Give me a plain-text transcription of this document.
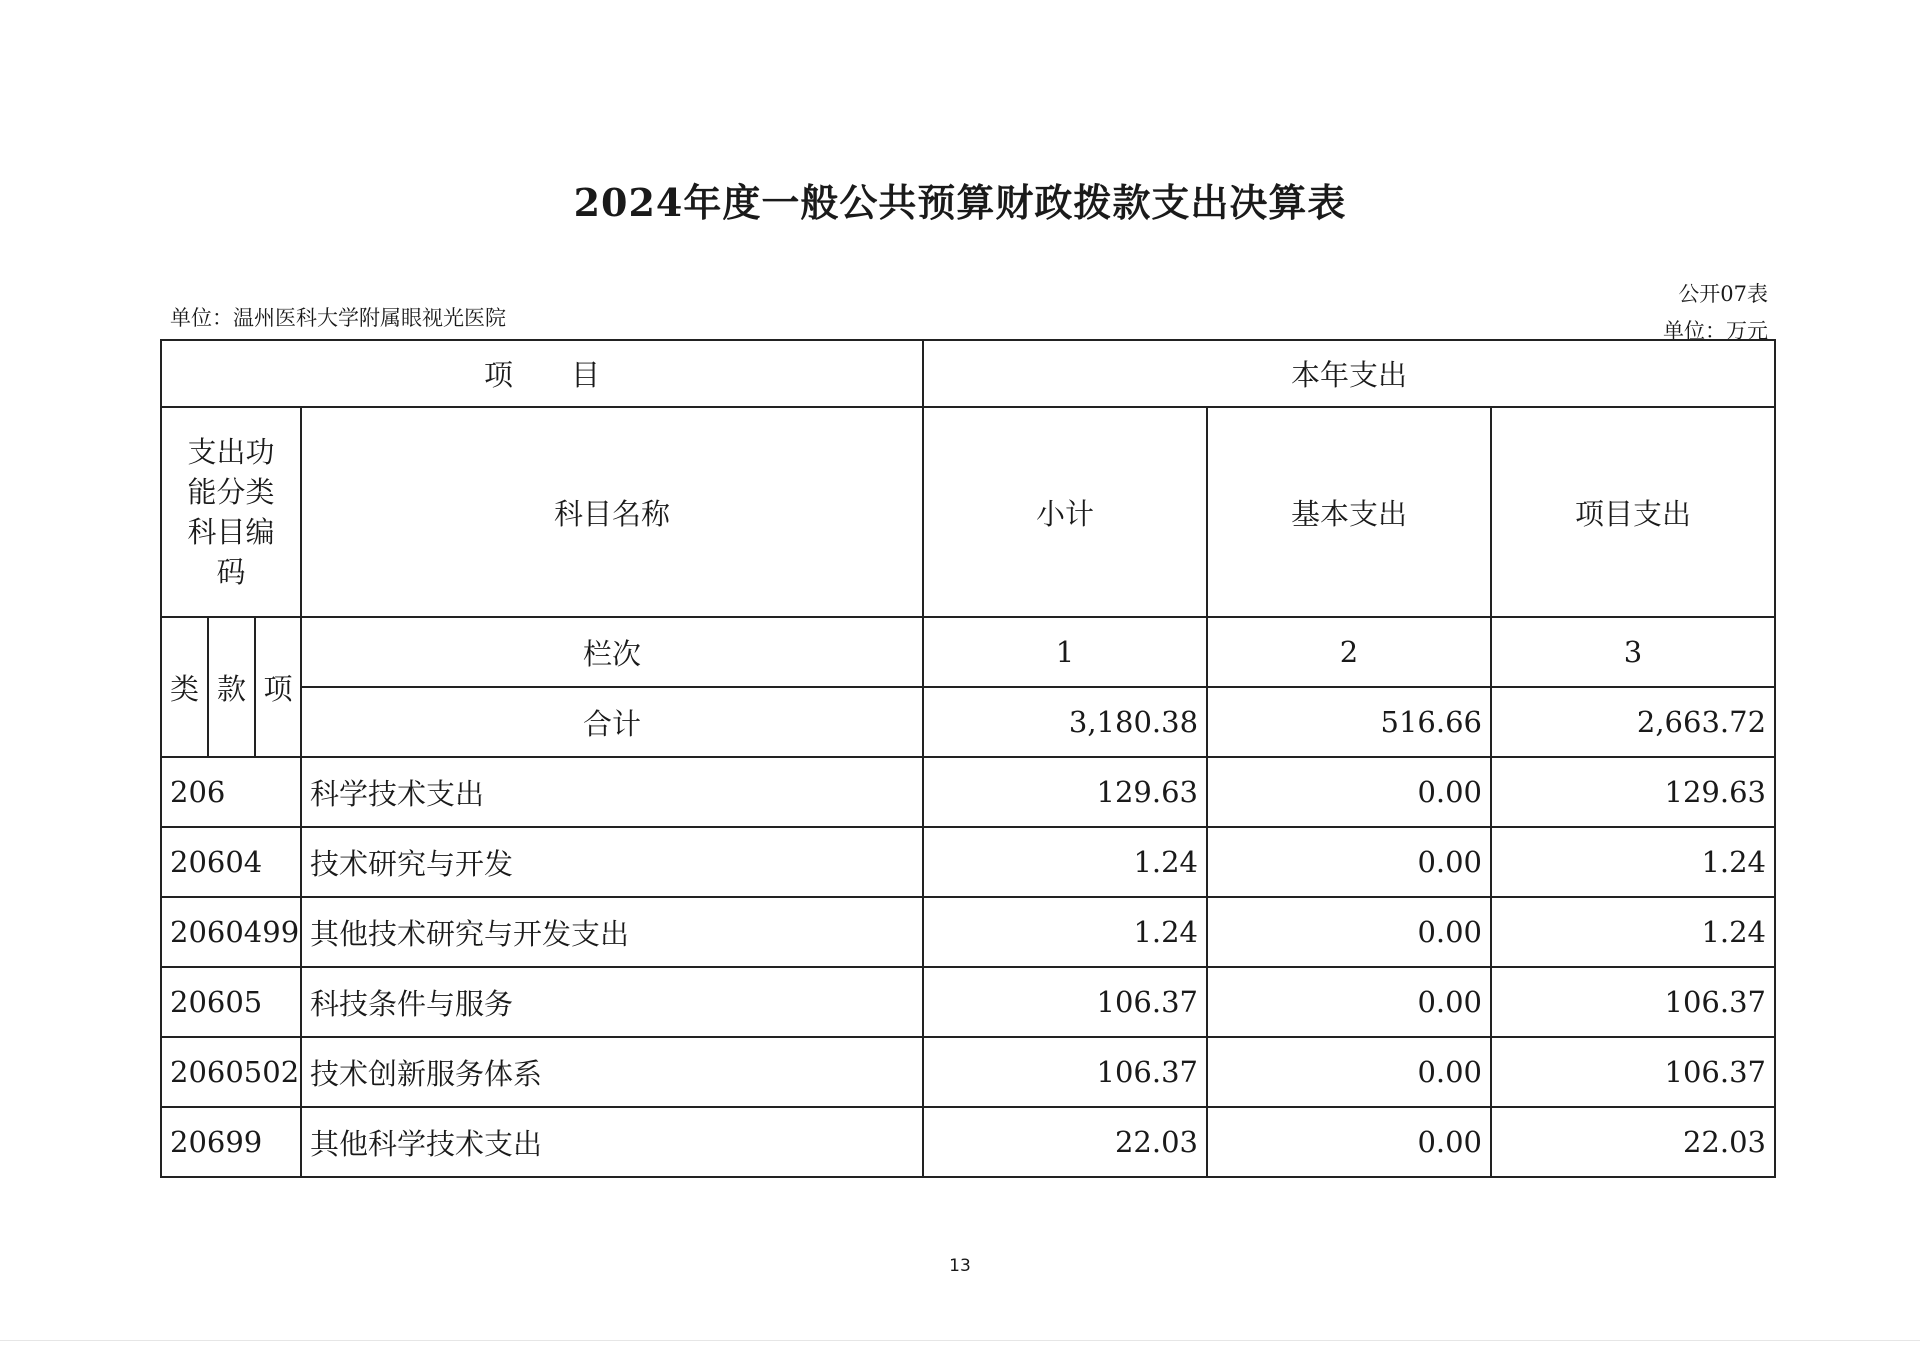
2024年度一般公共预算财政拨款支出决算表
单位：温州医科大学附属眼视光医院
公开07表
单位：万元
项　　目				本年支出		
支出功能分类科目编码			科目名称	小计	基本支出	项目支出
类	款	项	栏次	1	2	3
			合计	3,180.38	516.66	2,663.72
206			科学技术支出	129.63	0.00	129.63
20604			技术研究与开发	1.24	0.00	1.24
2060499			其他技术研究与开发支出	1.24	0.00	1.24
20605			科技条件与服务	106.37	0.00	106.37
2060502			技术创新服务体系	106.37	0.00	106.37
20699			其他科学技术支出	22.03	0.00	22.03
13
